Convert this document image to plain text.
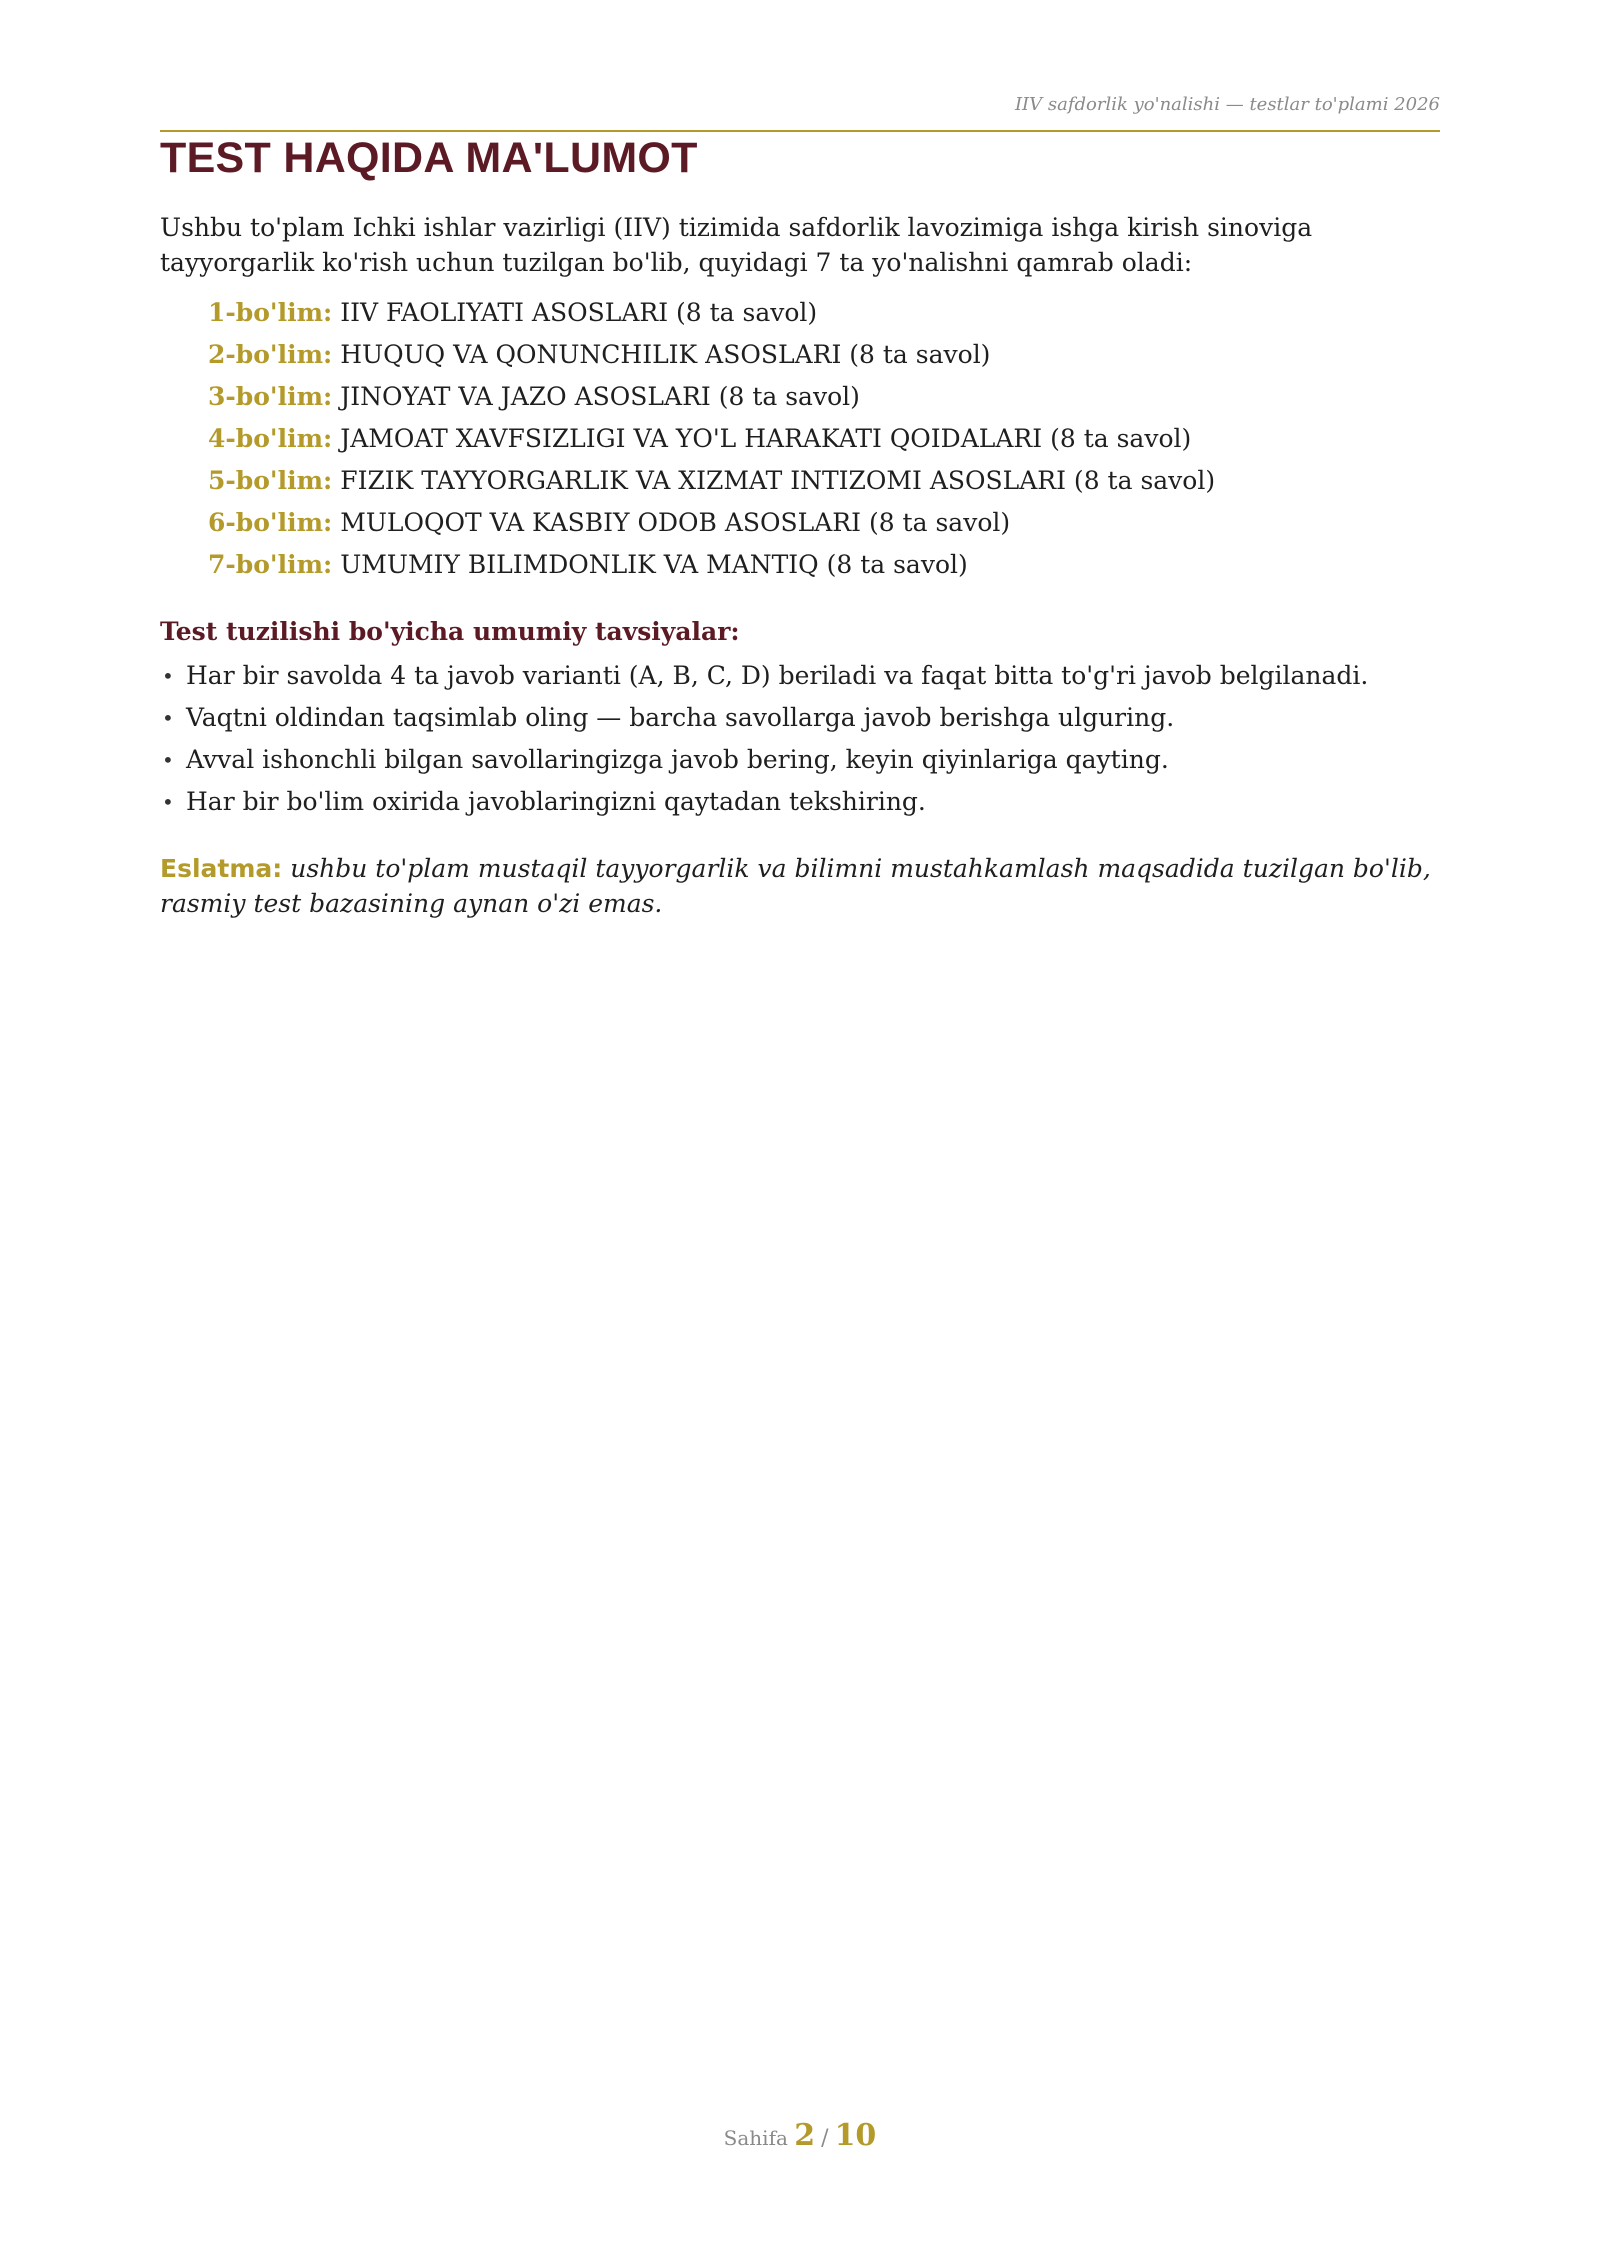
IIV safdorlik yo'nalishi — testlar to'plami 2026
TEST HAQIDA MA'LUMOT

Ushbu to'plam Ichki ishlar vazirligi (IIV) tizimida safdorlik lavozimiga ishga kirish sinoviga tayyorgarlik ko'rish uchun tuzilgan bo'lib, quyidagi 7 ta yo'nalishni qamrab oladi:

1-bo'lim: IIV FAOLIYATI ASOSLARI (8 ta savol)
2-bo'lim: HUQUQ VA QONUNCHILIK ASOSLARI (8 ta savol)
3-bo'lim: JINOYAT VA JAZO ASOSLARI (8 ta savol)
4-bo'lim: JAMOAT XAVFSIZLIGI VA YO'L HARAKATI QOIDALARI (8 ta savol)
5-bo'lim: FIZIK TAYYORGARLIK VA XIZMAT INTIZOMI ASOSLARI (8 ta savol)
6-bo'lim: MULOQOT VA KASBIY ODOB ASOSLARI (8 ta savol)
7-bo'lim: UMUMIY BILIMDONLIK VA MANTIQ (8 ta savol)
Test tuzilishi bo'yicha umumiy tavsiyalar:
• Har bir savolda 4 ta javob varianti (A, B, C, D) beriladi va faqat bitta to'g'ri javob belgilanadi.
• Vaqtni oldindan taqsimlab oling — barcha savollarga javob berishga ulguring.
• Avval ishonchli bilgan savollaringizga javob bering, keyin qiyinlariga qayting.
• Har bir bo'lim oxirida javoblaringizni qaytadan tekshiring.

Eslatma: ushbu to'plam mustaqil tayyorgarlik va bilimni mustahkamlash maqsadida tuzilgan bo'lib, rasmiy test bazasining aynan o'zi emas.

Sahifa 2 / 10
